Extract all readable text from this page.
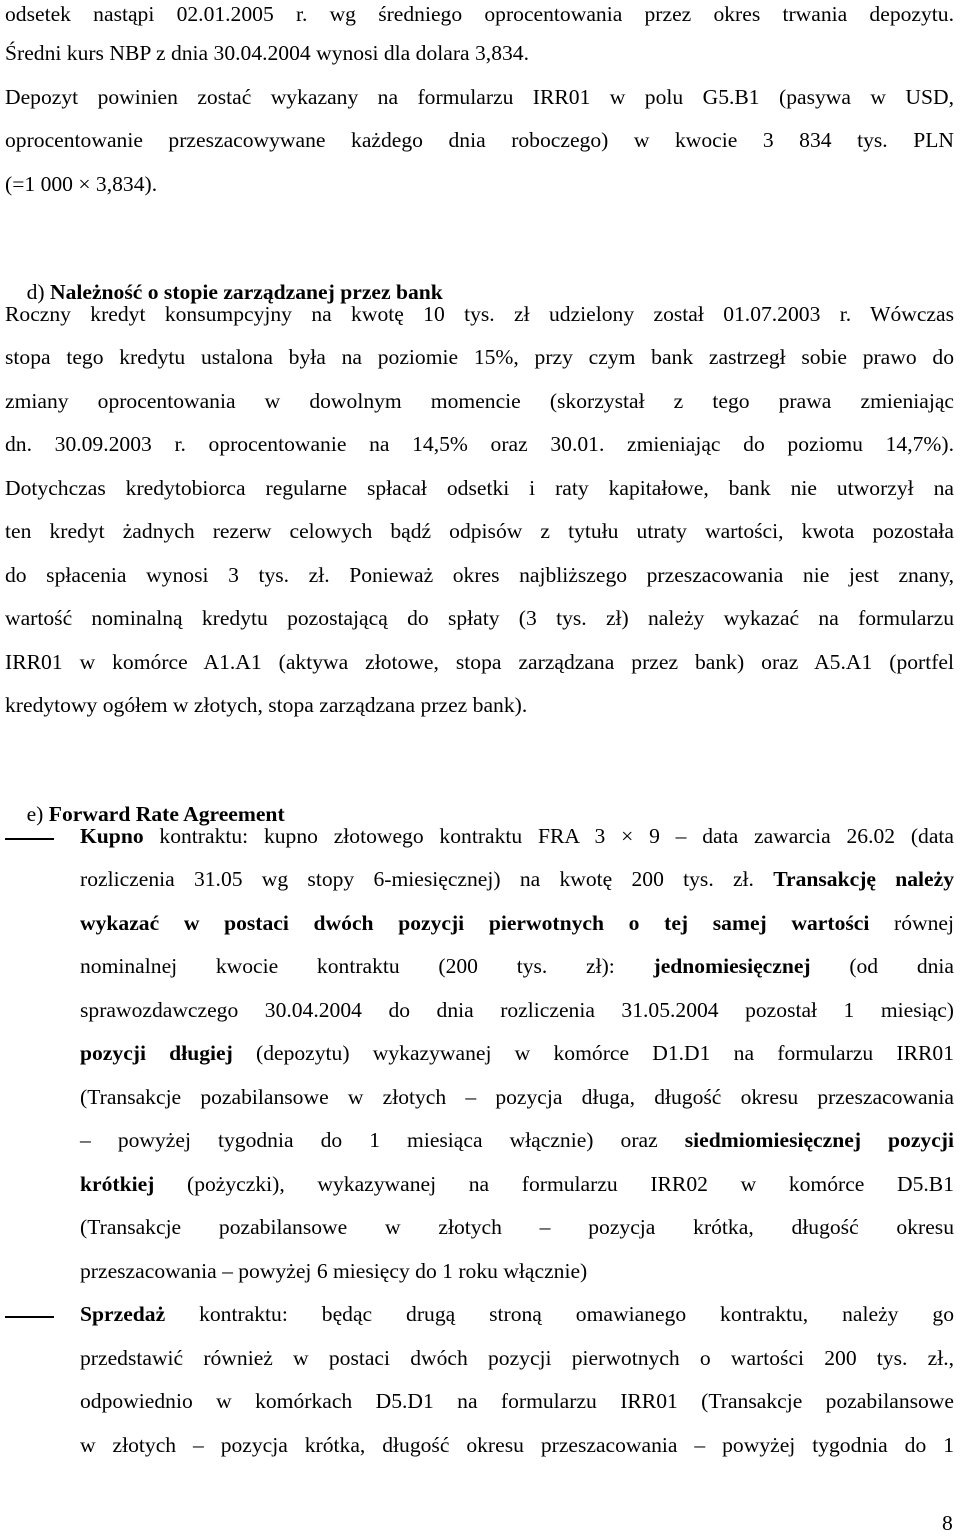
odsetek nastąpi 02.01.2005 r. wg średniego oprocentowania przez okres trwania depozytu.
Średni kurs NBP z dnia 30.04.2004 wynosi dla dolara 3,834.
Depozyt powinien zostać wykazany na formularzu IRR01 w polu G5.B1 (pasywa w USD,
oprocentowanie przeszacowywane każdego dnia roboczego) w kwocie 3 834 tys. PLN
(=1 000 × 3,834).

d) Należność o stopie zarządzanej przez bank

Roczny kredyt konsumpcyjny na kwotę 10 tys. zł udzielony został 01.07.2003 r. Wówczas
stopa tego kredytu ustalona była na poziomie 15%, przy czym bank zastrzegł sobie prawo do
zmiany oprocentowania w dowolnym momencie (skorzystał z tego prawa zmieniając
dn. 30.09.2003 r. oprocentowanie na 14,5% oraz 30.01. zmieniając do poziomu 14,7%).
Dotychczas kredytobiorca regularne spłacał odsetki i raty kapitałowe, bank nie utworzył na
ten kredyt żadnych rezerw celowych bądź odpisów z tytułu utraty wartości, kwota pozostała
do spłacenia wynosi 3 tys. zł. Ponieważ okres najbliższego przeszacowania nie jest znany,
wartość nominalną kredytu pozostającą do spłaty (3 tys. zł) należy wykazać na formularzu
IRR01 w komórce A1.A1 (aktywa złotowe, stopa zarządzana przez bank) oraz A5.A1 (portfel
kredytowy ogółem w złotych, stopa zarządzana przez bank).

e) Forward Rate Agreement

Kupno kontraktu: kupno złotowego kontraktu FRA 3 × 9 – data zawarcia 26.02 (data
rozliczenia 31.05 wg stopy 6-miesięcznej) na kwotę 200 tys. zł. Transakcję należy
wykazać w postaci dwóch pozycji pierwotnych o tej samej wartości równej
nominalnej kwocie kontraktu (200 tys. zł): jednomiesięcznej (od dnia
sprawozdawczego 30.04.2004 do dnia rozliczenia 31.05.2004 pozostał 1 miesiąc)
pozycji długiej (depozytu) wykazywanej w komórce D1.D1 na formularzu IRR01
(Transakcje pozabilansowe w złotych – pozycja długa, długość okresu przeszacowania
– powyżej tygodnia do 1 miesiąca włącznie) oraz siedmiomiesięcznej pozycji
krótkiej (pożyczki), wykazywanej na formularzu IRR02 w komórce D5.B1
(Transakcje pozabilansowe w złotych – pozycja krótka, długość okresu
przeszacowania – powyżej 6 miesięcy do 1 roku włącznie)
Sprzedaż kontraktu: będąc drugą stroną omawianego kontraktu, należy go
przedstawić również w postaci dwóch pozycji pierwotnych o wartości 200 tys. zł.,
odpowiednio w komórkach D5.D1 na formularzu IRR01 (Transakcje pozabilansowe
w złotych – pozycja krótka, długość okresu przeszacowania – powyżej tygodnia do 1
8
